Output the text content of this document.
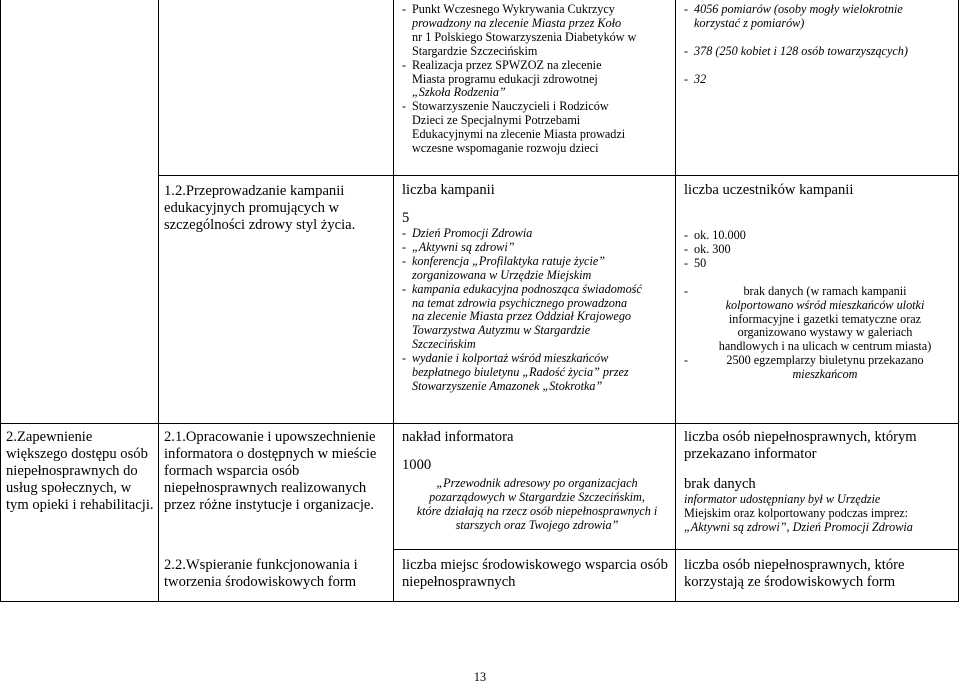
- Punkt Wczesnego Wykrywania Cukrzycy
prowadzony na zlecenie Miasta przez Koło
nr 1 Polskiego Stowarzyszenia Diabetyków w
Stargardzie Szczecińskim
- Realizacja przez SPWZOZ na zlecenie
Miasta programu edukacji zdrowotnej
„Szkoła Rodzenia”
- Stowarzyszenie Nauczycieli i Rodziców
Dzieci ze Specjalnymi Potrzebami
Edukacyjnymi na zlecenie Miasta prowadzi
wczesne wspomaganie rozwoju dzieci
- 4056 pomiarów (osoby mogły wielokrotnie
korzystać z pomiarów)

- 378 (250 kobiet i 128 osób towarzyszących)

- 32

1.2.Przeprowadzanie kampanii edukacyjnych promujących w szczególności zdrowy styl życia.

liczba kampanii

5

- Dzień Promocji Zdrowia
- „Aktywni są zdrowi”
- konferencja „Profilaktyka ratuje życie”
zorganizowana w Urzędzie Miejskim
- kampania edukacyjna podnosząca świadomość
na temat zdrowia psychicznego prowadzona
na zlecenie Miasta przez Oddział Krajowego
Towarzystwa Autyzmu w Stargardzie
Szczecińskim
- wydanie i kolportaż wśród mieszkańców
bezpłatnego biuletynu „Radość życia” przez
Stowarzyszenie Amazonek „Stokrotka”

liczba uczestników kampanii

- ok. 10.000
- ok. 300
- 50

-	brak danych (w ramach kampanii
kolportowano wśród mieszkańców ulotki
informacyjne i gazetki tematyczne oraz
organizowano wystawy w galeriach
handlowych i na ulicach w centrum miasta)
-	2500 egzemplarzy biuletynu przekazano
mieszkańcom

2.Zapewnienie większego dostępu osób niepełnosprawnych do usług społecznych, w tym opieki i rehabilitacji.

2.1.Opracowanie i upowszechnienie informatora o dostępnych w mieście formach wsparcia osób niepełnosprawnych realizowanych przez różne instytucje i organizacje.

2.2.Wspieranie funkcjonowania i tworzenia środowiskowych form

nakład informatora

1000

„Przewodnik adresowy po organizacjach

pozarządowych w Stargardzie Szczecińskim,

które działają na rzecz osób niepełnosprawnych i

starszych oraz Twojego zdrowia”

liczba osób niepełnosprawnych, którym przekazano informator

brak danych

informator udostępniany był w Urzędzie

Miejskim oraz kolportowany podczas imprez:

„Aktywni są zdrowi”, Dzień Promocji Zdrowia

liczba miejsc środowiskowego wsparcia osób niepełnosprawnych

liczba osób niepełnosprawnych, które korzystają ze środowiskowych form

13
